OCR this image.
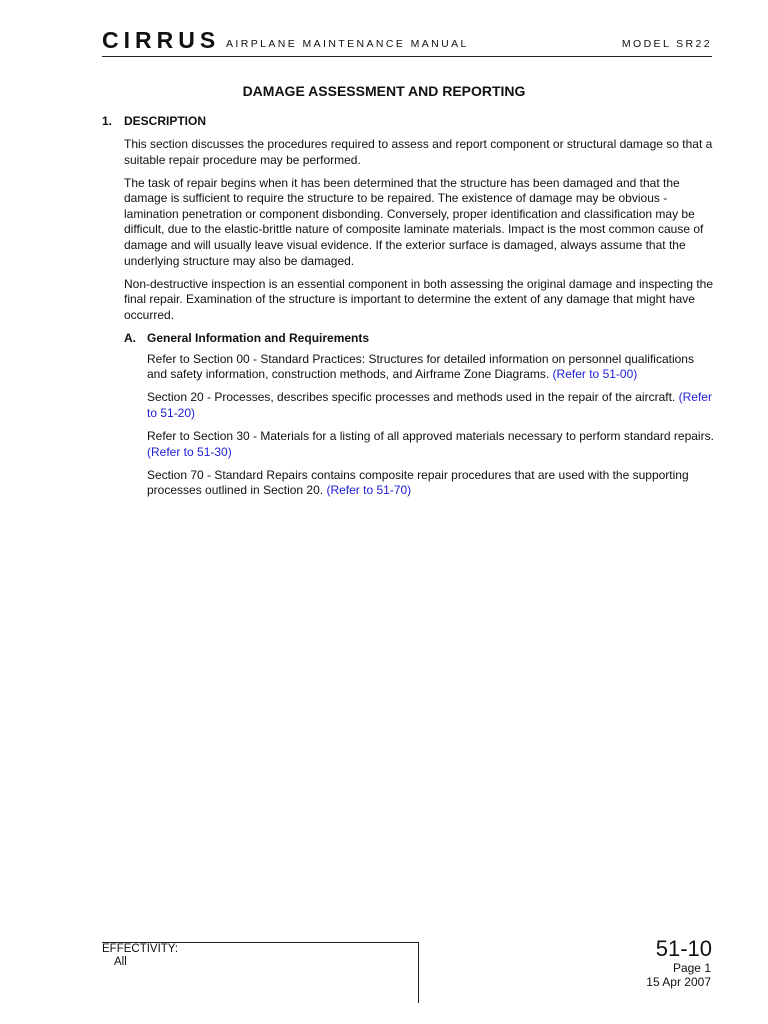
CIRRUS AIRPLANE MAINTENANCE MANUAL	MODEL SR22
DAMAGE ASSESSMENT AND REPORTING
1. DESCRIPTION

This section discusses the procedures required to assess and report component or structural damage so that a suitable repair procedure may be performed.

The task of repair begins when it has been determined that the structure has been damaged and that the damage is sufficient to require the structure to be repaired. The existence of damage may be obvious - lamination penetration or component disbonding. Conversely, proper identification and classification may be difficult, due to the elastic-brittle nature of composite laminate materials. Impact is the most common cause of damage and will usually leave visual evidence. If the exterior surface is damaged, always assume that the underlying structure may also be damaged.

Non-destructive inspection is an essential component in both assessing the original damage and inspecting the final repair. Examination of the structure is important to determine the extent of any damage that might have occurred.

A. General Information and Requirements

Refer to Section 00 - Standard Practices: Structures for detailed information on personnel qualifications and safety information, construction methods, and Airframe Zone Diagrams. (Refer to 51-00)

Section 20 - Processes, describes specific processes and methods used in the repair of the aircraft. (Refer to 51-20)

Refer to Section 30 - Materials for a listing of all approved materials necessary to perform standard repairs. (Refer to 51-30)

Section 70 - Standard Repairs contains composite repair procedures that are used with the supporting processes outlined in Section 20. (Refer to 51-70)

EFFECTIVITY:
All
51-10
Page 1
15 Apr 2007
